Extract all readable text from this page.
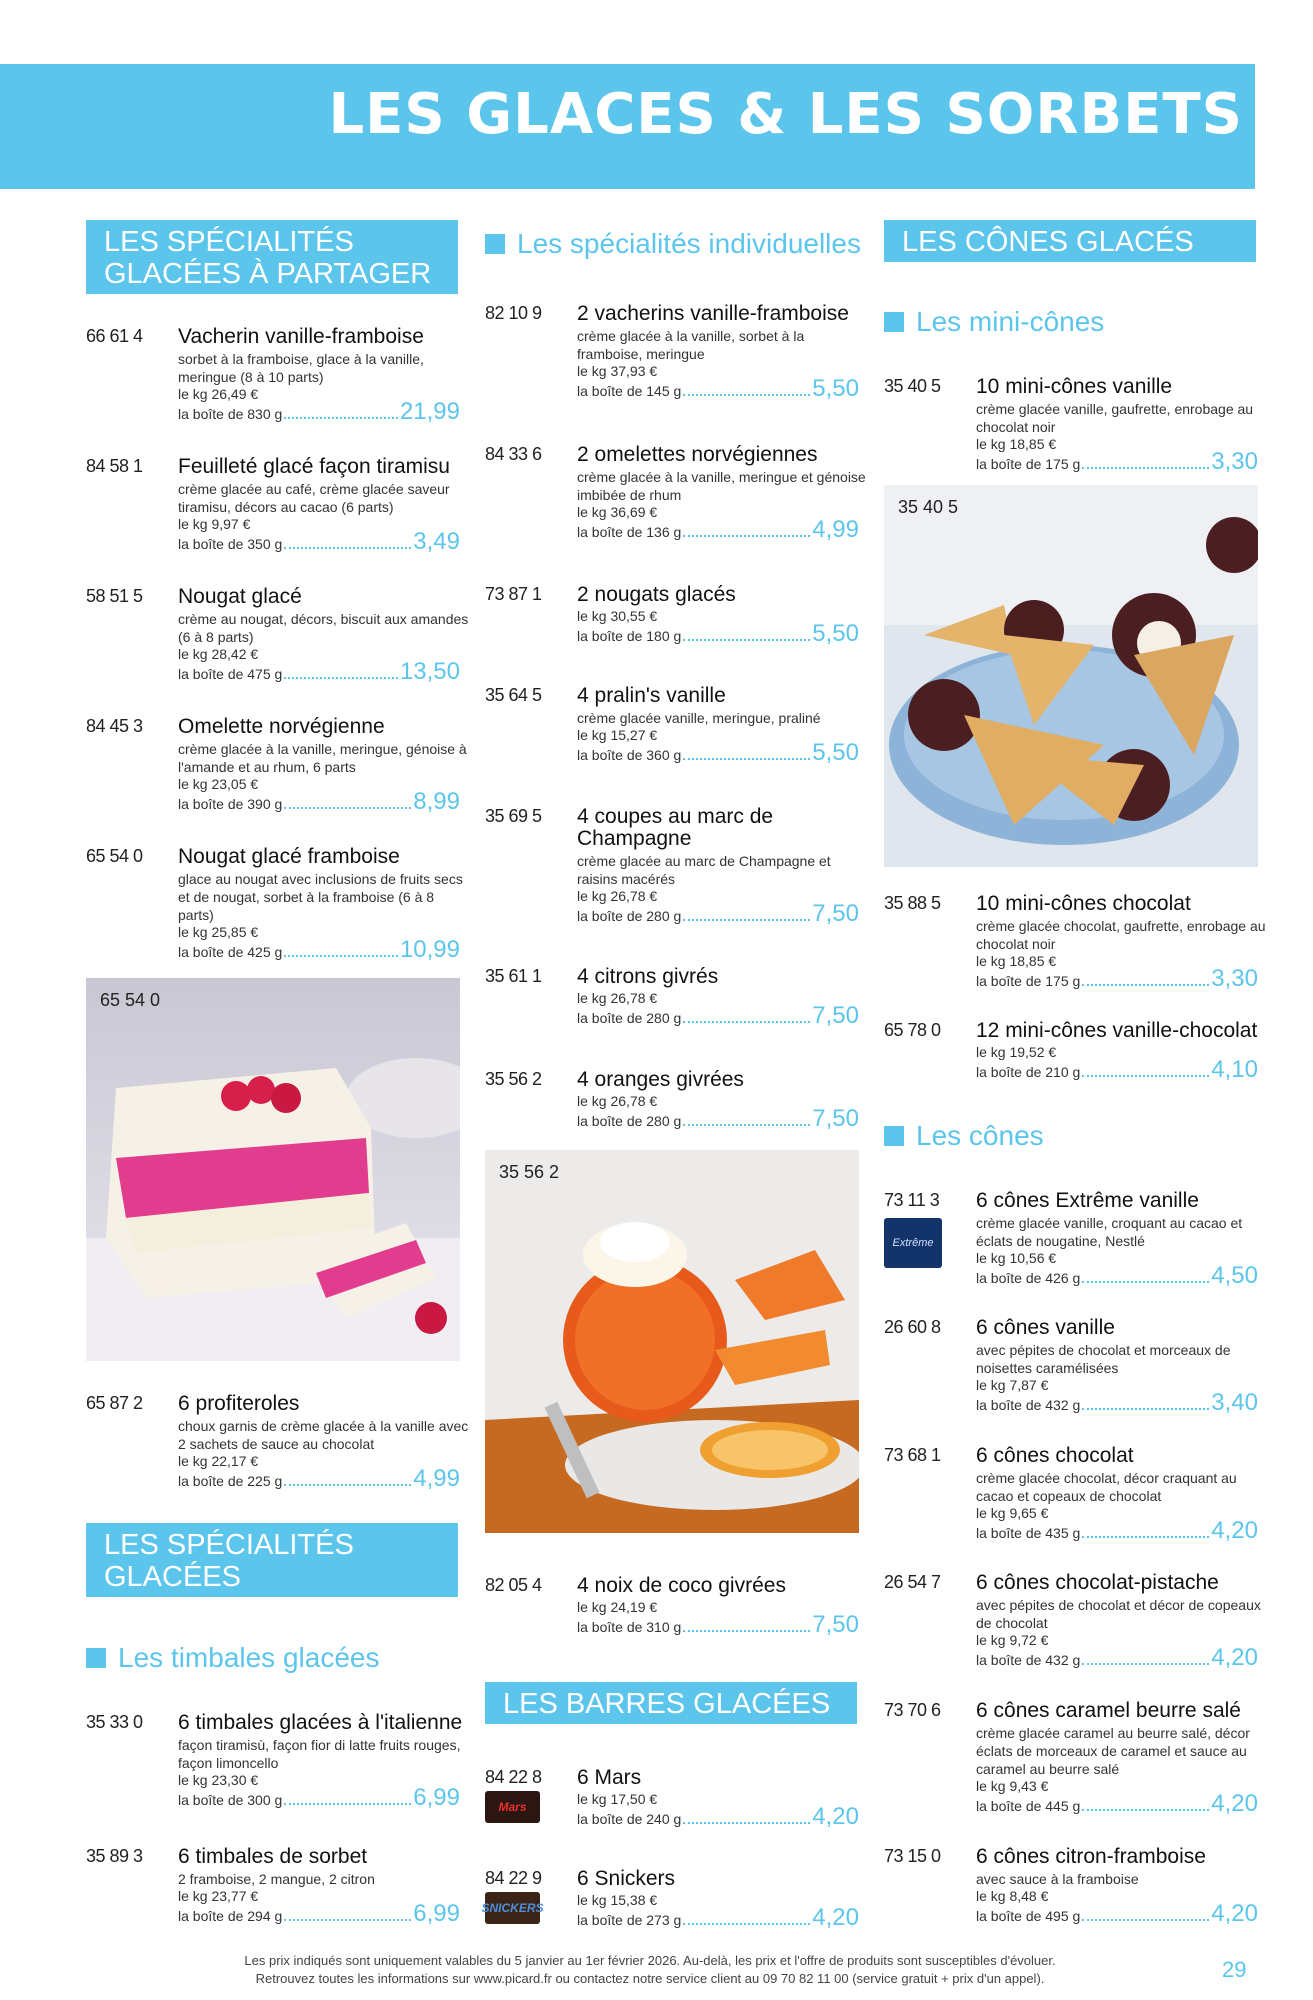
LES GLACES & LES SORBETS
LES SPÉCIALITÉS GLACÉES À PARTAGER
66 61 4 Vacherin vanille-framboise
sorbet à la framboise, glace à la vanille, meringue (8 à 10 parts)
le kg 26,49 €
la boîte de 830 g	21,99
84 58 1 Feuilleté glacé façon tiramisu
crème glacée au café, crème glacée saveur tiramisu, décors au cacao (6 parts)
le kg 9,97 €
la boîte de 350 g	3,49
58 51 5 Nougat glacé
crème au nougat, décors, biscuit aux amandes (6 à 8 parts)
le kg 28,42 €
la boîte de 475 g	13,50
84 45 3 Omelette norvégienne
crème glacée à la vanille, meringue, génoise à l'amande et au rhum, 6 parts
le kg 23,05 €
la boîte de 390 g	8,99
65 54 0 Nougat glacé framboise
glace au nougat avec inclusions de fruits secs et de nougat, sorbet à la framboise (6 à 8 parts)
le kg 25,85 €
la boîte de 425 g	10,99
65 54 0
65 87 2 6 profiteroles
choux garnis de crème glacée à la vanille avec 2 sachets de sauce au chocolat
le kg 22,17 €
la boîte de 225 g	4,99
LES SPÉCIALITÉS GLACÉES INDIVIDUELLES
Les timbales glacées
35 33 0 6 timbales glacées à l'italienne
façon tiramisù, façon fior di latte fruits rouges, façon limoncello
le kg 23,30 €
la boîte de 300 g	6,99
35 89 3 6 timbales de sorbet
2 framboise, 2 mangue, 2 citron
le kg 23,77 €
la boîte de 294 g	6,99
Les spécialités individuelles
82 10 9 2 vacherins vanille-framboise
crème glacée à la vanille, sorbet à la framboise, meringue
le kg 37,93 €
la boîte de 145 g	5,50
84 33 6 2 omelettes norvégiennes
crème glacée à la vanille, meringue et génoise imbibée de rhum
le kg 36,69 €
la boîte de 136 g	4,99
73 87 1 2 nougats glacés
le kg 30,55 €
la boîte de 180 g	5,50
35 64 5 4 pralin's vanille
crème glacée vanille, meringue, praliné
le kg 15,27 €
la boîte de 360 g	5,50
35 69 5 4 coupes au marc de Champagne
crème glacée au marc de Champagne et raisins macérés
le kg 26,78 €
la boîte de 280 g	7,50
35 61 1 4 citrons givrés
le kg 26,78 €
la boîte de 280 g	7,50
35 56 2 4 oranges givrées
le kg 26,78 €
la boîte de 280 g	7,50
35 56 2
82 05 4 4 noix de coco givrées
le kg 24,19 €
la boîte de 310 g	7,50
LES BARRES GLACÉES
84 22 8 6 Mars
Mars	le kg 17,50 €
la boîte de 240 g	4,20
84 22 9 6 Snickers
SNICKERS le kg 15,38 €
la boîte de 273 g	4,20
LES CÔNES GLACÉS
Les mini-cônes
35 40 5 10 mini-cônes vanille
crème glacée vanille, gaufrette, enrobage au chocolat noir
le kg 18,85 €
la boîte de 175 g	3,30
35 40 5
35 88 5 10 mini-cônes chocolat
crème glacée chocolat, gaufrette, enrobage au chocolat noir
le kg 18,85 €
la boîte de 175 g	3,30
65 78 0 12 mini-cônes vanille-chocolat
le kg 19,52 €
la boîte de 210 g	4,10
Les cônes
73 11 3 6 cônes Extrême vanille
crème glacée vanille, croquant au cacao et éclats de nougatine, Nestlé
le kg 10,56 €
la boîte de 426 g	4,50
Extrême
26 60 8 6 cônes vanille
avec pépites de chocolat et morceaux de noisettes caramélisées
le kg 7,87 €
la boîte de 432 g	3,40
73 68 1 6 cônes chocolat
crème glacée chocolat, décor craquant au cacao et copeaux de chocolat
le kg 9,65 €
la boîte de 435 g	4,20
26 54 7 6 cônes chocolat-pistache
avec pépites de chocolat et décor de copeaux de chocolat
le kg 9,72 €
la boîte de 432 g	4,20
73 70 6 6 cônes caramel beurre salé
crème glacée caramel au beurre salé, décor éclats de morceaux de caramel et sauce au caramel au beurre salé
le kg 9,43 €
la boîte de 445 g	4,20
73 15 0 6 cônes citron-framboise
avec sauce à la framboise
le kg 8,48 €
la boîte de 495 g	4,20
Les prix indiqués sont uniquement valables du 5 janvier au 1er février 2026. Au-delà, les prix et l'offre de produits sont susceptibles d'évoluer.
Retrouvez toutes les informations sur www.picard.fr ou contactez notre service client au 09 70 82 11 00 (service gratuit + prix d'un appel).	29
